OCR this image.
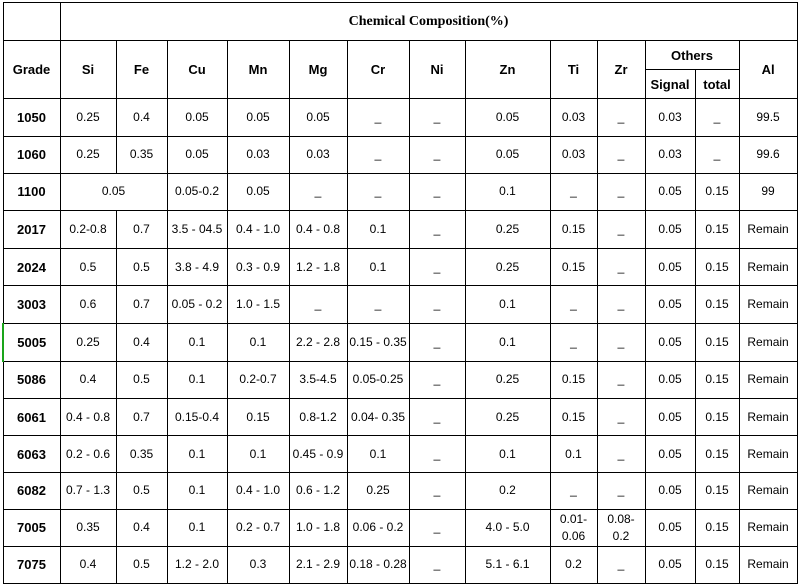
	Chemical Composition(%)												
Grade	Si	Fe	Cu	Mn	Mg	Cr	Ni	Zn	Ti	Zr	Others		Al
											Signal	total	
1050	0.25	0.4	0.05	0.05	0.05	_	_	0.05	0.03	_	0.03	_	99.5
1060	0.25	0.35	0.05	0.03	0.03	_	_	0.05	0.03	_	0.03	_	99.6
1100	0.05		0.05-0.2	0.05	_	_	_	0.1	_	_	0.05	0.15	99
2017	0.2-0.8	0.7	3.5 - 04.5	0.4 - 1.0	0.4 - 0.8	0.1	_	0.25	0.15	_	0.05	0.15	Remain
2024	0.5	0.5	3.8 - 4.9	0.3 - 0.9	1.2 - 1.8	0.1	_	0.25	0.15	_	0.05	0.15	Remain
3003	0.6	0.7	0.05 - 0.2	1.0 - 1.5	_	_	_	0.1	_	_	0.05	0.15	Remain
5005	0.25	0.4	0.1	0.1	2.2 - 2.8	0.15 - 0.35	_	0.1	_	_	0.05	0.15	Remain
5086	0.4	0.5	0.1	0.2-0.7	3.5-4.5	0.05-0.25	_	0.25	0.15	_	0.05	0.15	Remain
6061	0.4 - 0.8	0.7	0.15-0.4	0.15	0.8-1.2	0.04- 0.35	_	0.25	0.15	_	0.05	0.15	Remain
6063	0.2 - 0.6	0.35	0.1	0.1	0.45 - 0.9	0.1	_	0.1	0.1	_	0.05	0.15	Remain
6082	0.7 - 1.3	0.5	0.1	0.4 - 1.0	0.6 - 1.2	0.25	_	0.2	_	_	0.05	0.15	Remain
7005	0.35	0.4	0.1	0.2 - 0.7	1.0 - 1.8	0.06 - 0.2	_	4.0 - 5.0	0.01- 0.06	0.08- 0.2	0.05	0.15	Remain
7075	0.4	0.5	1.2 - 2.0	0.3	2.1 - 2.9	0.18 - 0.28	_	5.1 - 6.1	0.2	_	0.05	0.15	Remain
